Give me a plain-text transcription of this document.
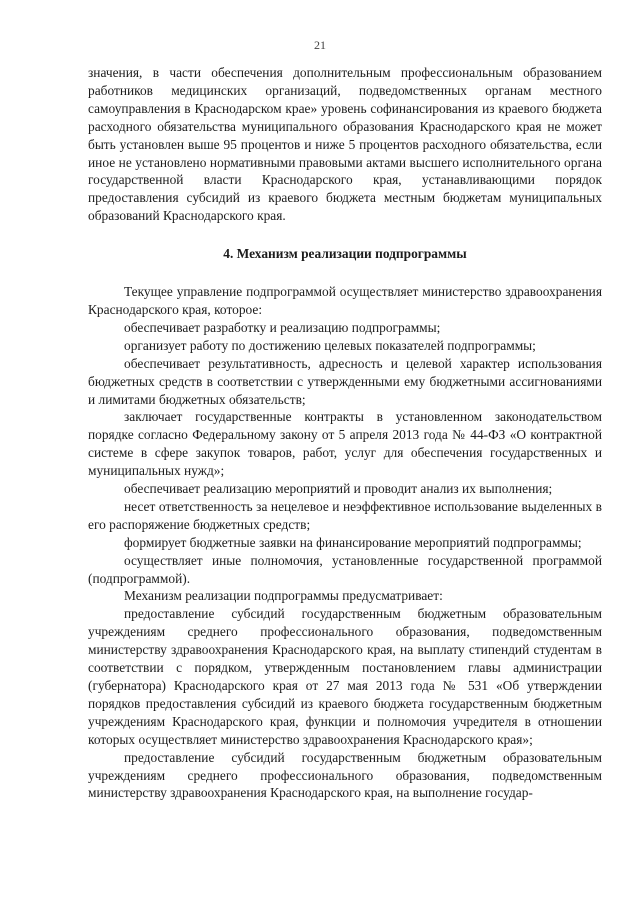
21

значения, в части обеспечения дополнительным профессиональным образованием работников медицинских организаций, подведомственных органам местного самоуправления в Краснодарском крае» уровень софинансирования из краевого бюджета расходного обязательства муниципального образования Краснодарского края не может быть установлен выше 95 процентов и ниже 5 процентов расходного обязательства, если иное не установлено нормативными правовыми актами высшего исполнительного органа государственной власти Краснодарского края, устанавливающими порядок предоставления субсидий из краевого бюджета местным бюджетам муниципальных образований Краснодарского края.

4. Механизм реализации подпрограммы

Текущее управление подпрограммой осуществляет министерство здравоохранения Краснодарского края, которое:

обеспечивает разработку и реализацию подпрограммы;

организует работу по достижению целевых показателей подпрограммы;

обеспечивает результативность, адресность и целевой характер использования бюджетных средств в соответствии с утвержденными ему бюджетными ассигнованиями и лимитами бюджетных обязательств;

заключает государственные контракты в установленном законодательством порядке согласно Федеральному закону от 5 апреля 2013 года № 44-ФЗ «О контрактной системе в сфере закупок товаров, работ, услуг для обеспечения государственных и муниципальных нужд»;

обеспечивает реализацию мероприятий и проводит анализ их выполнения;

несет ответственность за нецелевое и неэффективное использование выделенных в его распоряжение бюджетных средств;

формирует бюджетные заявки на финансирование мероприятий подпрограммы;

осуществляет иные полномочия, установленные государственной программой (подпрограммой).

Механизм реализации подпрограммы предусматривает:

предоставление субсидий государственным бюджетным образовательным учреждениям среднего профессионального образования, подведомственным министерству здравоохранения Краснодарского края, на выплату стипендий студентам в соответствии с порядком, утвержденным постановлением главы администрации (губернатора) Краснодарского края от 27 мая 2013 года № 531 «Об утверждении порядков предоставления субсидий из краевого бюджета государственным бюджетным учреждениям Краснодарского края, функции и полномочия учредителя в отношении которых осуществляет министерство здравоохранения Краснодарского края»;

предоставление субсидий государственным бюджетным образовательным учреждениям среднего профессионального образования, подведомственным министерству здравоохранения Краснодарского края, на выполнение государ-
